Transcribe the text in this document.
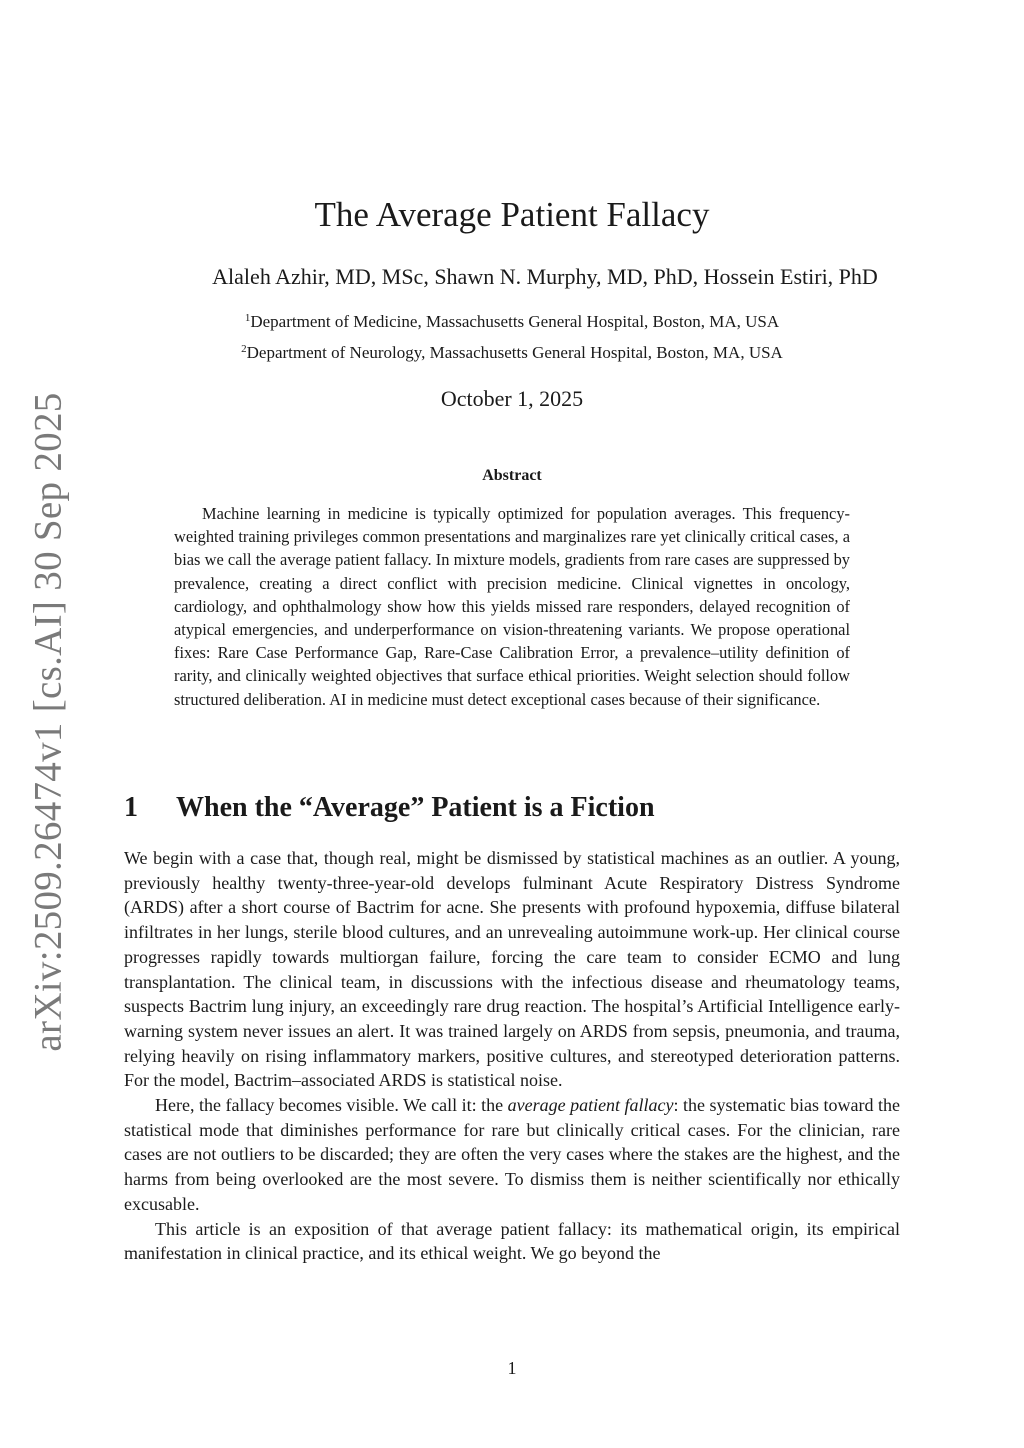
arXiv:2509.26474v1 [cs.AI] 30 Sep 2025
The Average Patient Fallacy

Alaleh Azhir, MD, MSc, Shawn N. Murphy, MD, PhD, Hossein Estiri, PhD

$^1$Department of Medicine, Massachusetts General Hospital, Boston, MA, USA

$^2$Department of Neurology, Massachusetts General Hospital, Boston, MA, USA

October 1, 2025
Abstract

Machine learning in medicine is typically optimized for population averages. This frequency-weighted training privileges common presentations and marginalizes rare yet clinically critical cases, a bias we call the average patient fallacy. In mixture models, gradients from rare cases are suppressed by prevalence, creating a direct conflict with precision medicine. Clinical vignettes in oncology, cardiology, and ophthalmology show how this yields missed rare responders, delayed recognition of atypical emergencies, and underperformance on vision-threatening variants. We propose operational fixes: Rare Case Performance Gap, Rare-Case Calibration Error, a prevalence–utility definition of rarity, and clinically weighted objectives that surface ethical priorities. Weight selection should follow structured deliberation. AI in medicine must detect exceptional cases because of their significance.

1 When the “Average” Patient is a Fiction

We begin with a case that, though real, might be dismissed by statistical machines as an outlier. A young, previously healthy twenty-three-year-old develops fulminant Acute Respiratory Distress Syndrome (ARDS) after a short course of Bactrim for acne. She presents with profound hypoxemia, diffuse bilateral infiltrates in her lungs, sterile blood cultures, and an unrevealing autoimmune work-up. Her clinical course progresses rapidly towards multiorgan failure, forcing the care team to consider ECMO and lung transplantation. The clinical team, in discussions with the infectious disease and rheumatology teams, suspects Bactrim lung injury, an exceedingly rare drug reaction. The hospital’s Artificial Intelligence early-warning system never issues an alert. It was trained largely on ARDS from sepsis, pneumonia, and trauma, relying heavily on rising inflammatory markers, positive cultures, and stereotyped deterioration patterns. For the model, Bactrim–associated ARDS is statistical noise.

Here, the fallacy becomes visible. We call it: the average patient fallacy: the systematic bias toward the statistical mode that diminishes performance for rare but clinically critical cases. For the clinician, rare cases are not outliers to be discarded; they are often the very cases where the stakes are the highest, and the harms from being overlooked are the most severe. To dismiss them is neither scientifically nor ethically excusable.

This article is an exposition of that average patient fallacy: its mathematical origin, its empirical manifestation in clinical practice, and its ethical weight. We go beyond the

1
